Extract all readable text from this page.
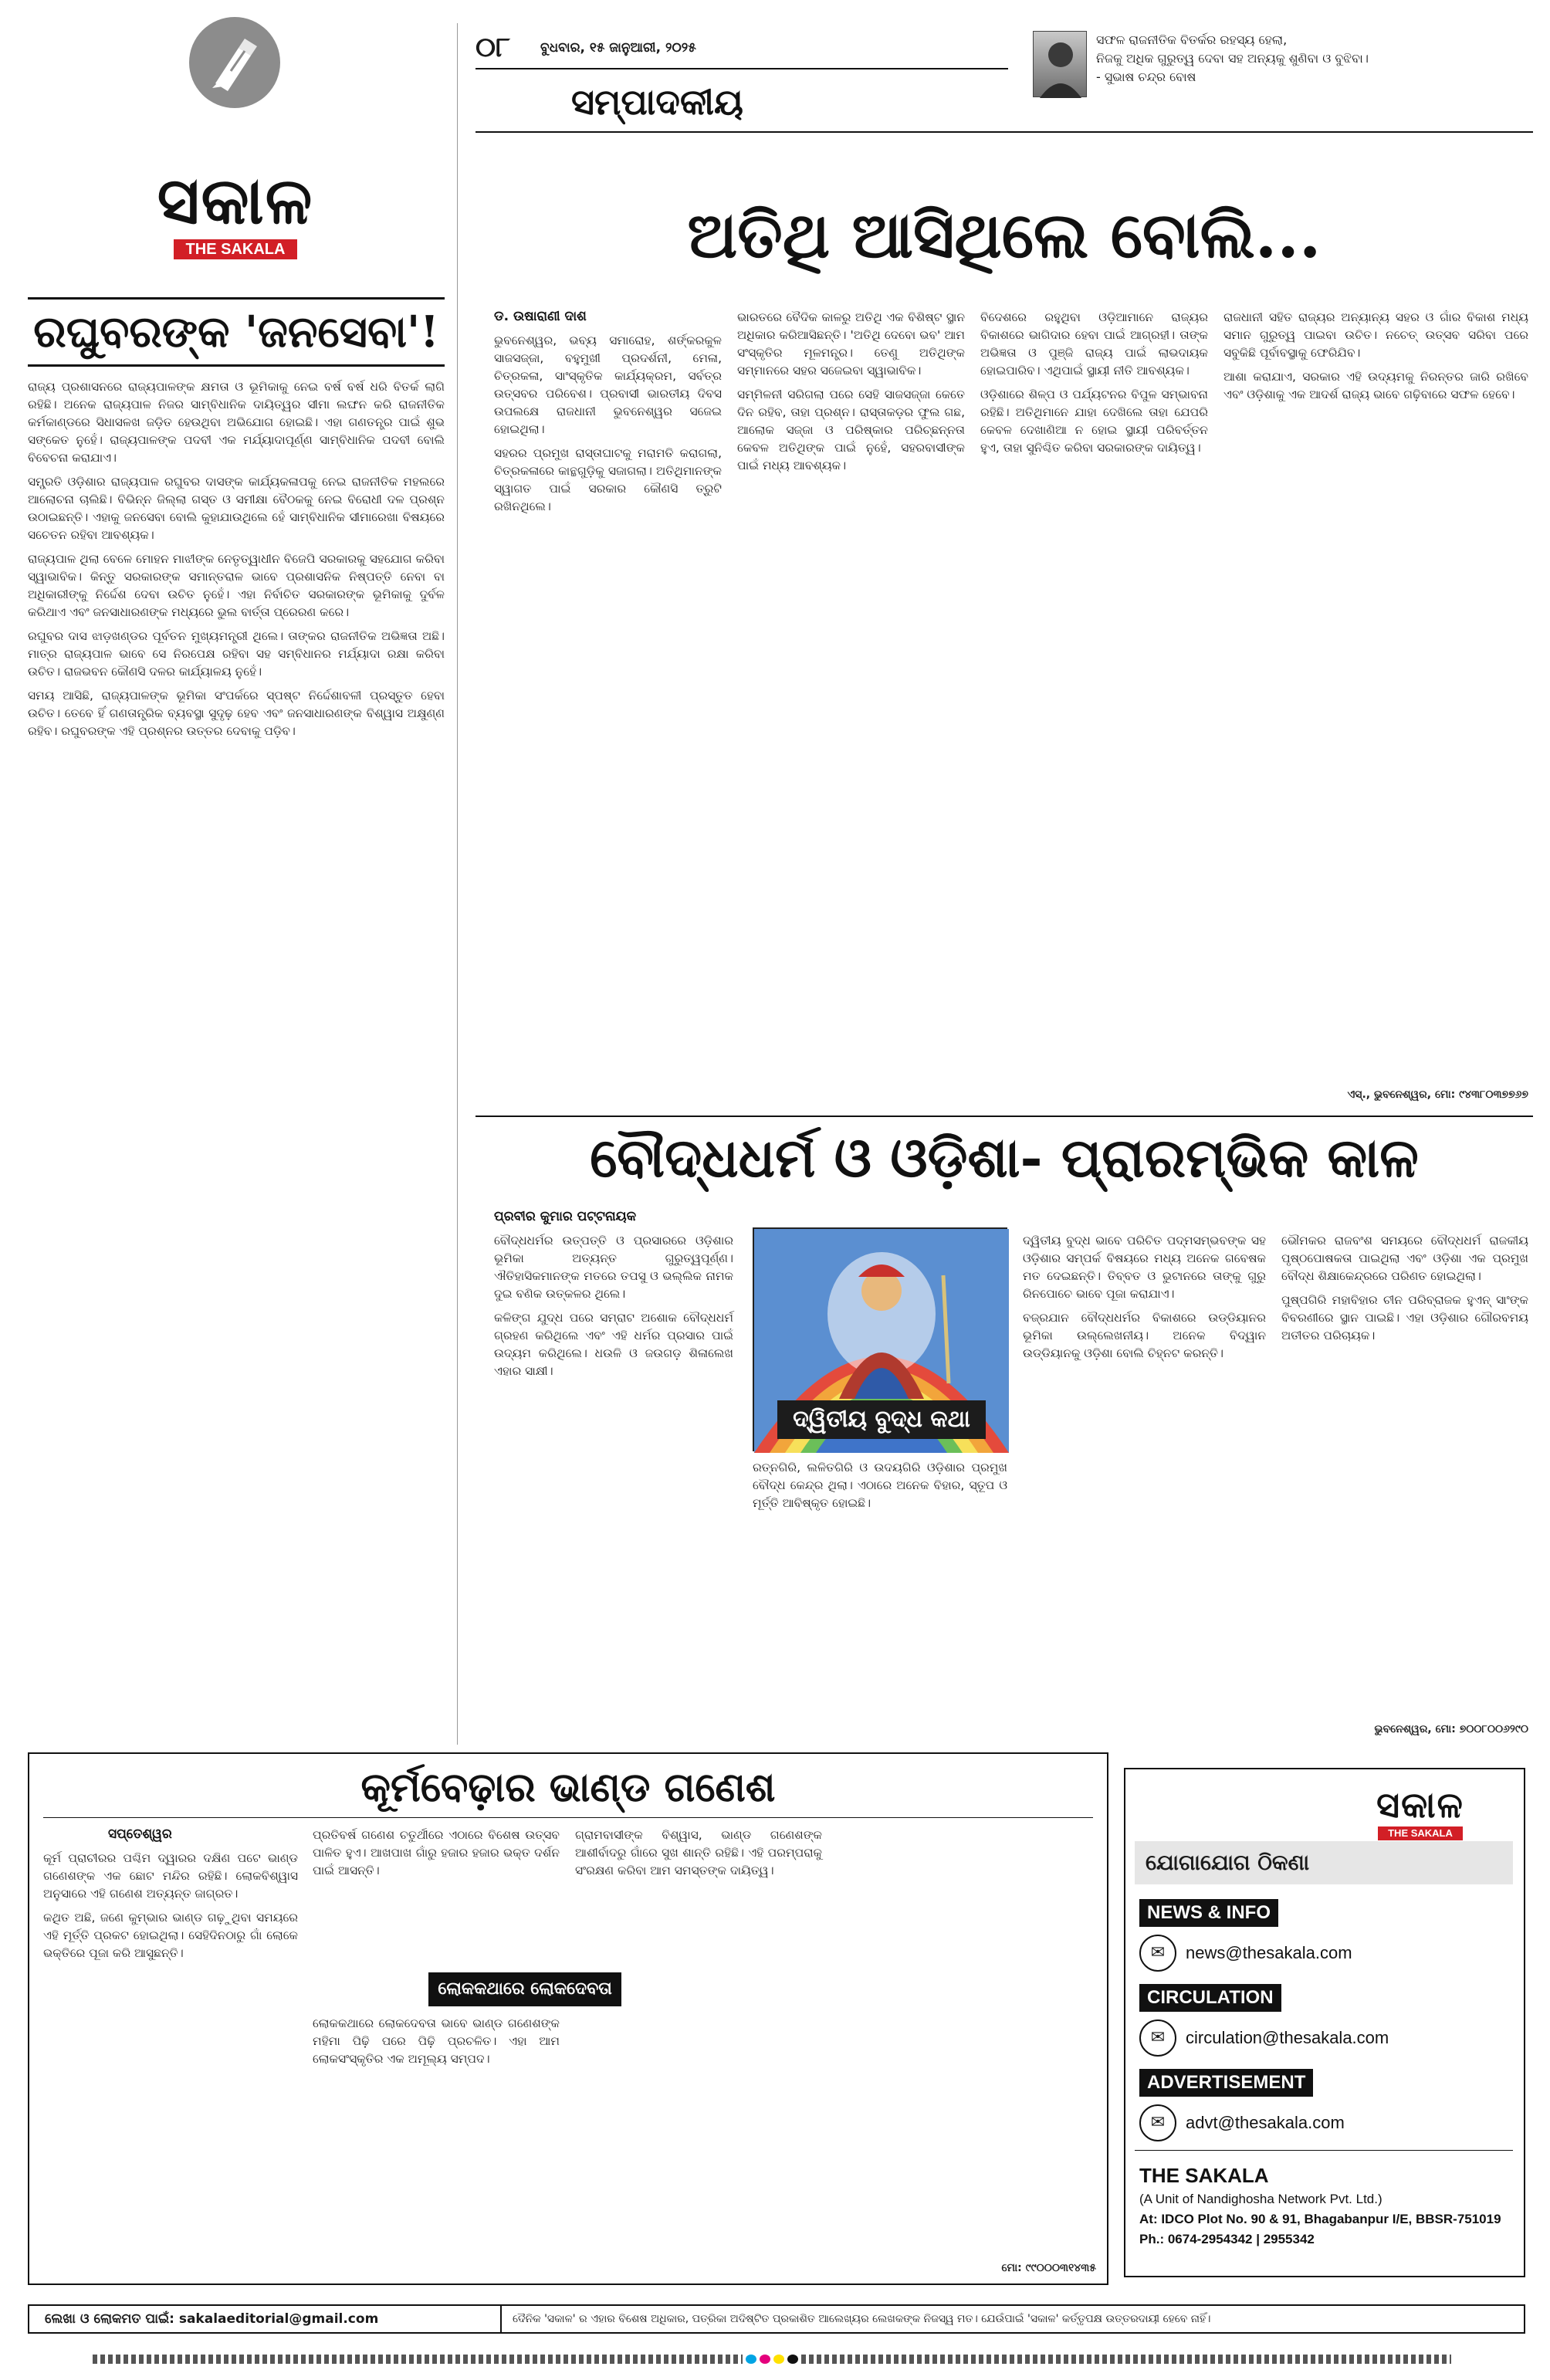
ସକାଳ
THE SAKALA
ରଘୁବରଙ୍କ 'ଜନସେବା'!

ରାଜ୍ୟ ପ୍ରଶାସନରେ ରାଜ୍ୟପାଳଙ୍କ କ୍ଷମତା ଓ ଭୂମିକାକୁ ନେଇ ବର୍ଷ ବର୍ଷ ଧରି ବିତର୍କ ଲାଗି ରହିଛି। ଅନେକ ରାଜ୍ୟପାଳ ନିଜର ସାମ୍ବିଧାନିକ ଦାୟିତ୍ୱର ସୀମା ଲଙ୍ଘନ କରି ରାଜନୀତିକ କର୍ମକାଣ୍ଡରେ ସିଧାସଳଖ ଜଡ଼ିତ ହେଉଥିବା ଅଭିଯୋଗ ହୋଇଛି। ଏହା ଗଣତନ୍ତ୍ର ପାଇଁ ଶୁଭ ସଙ୍କେତ ନୁହେଁ। ରାଜ୍ୟପାଳଙ୍କ ପଦବୀ ଏକ ମର୍ଯ୍ୟାଦାପୂର୍ଣ୍ଣ ସାମ୍ବିଧାନିକ ପଦବୀ ବୋଲି ବିବେଚନା କରାଯାଏ।

ସମ୍ପ୍ରତି ଓଡ଼ିଶାର ରାଜ୍ୟପାଳ ରଘୁବର ଦାସଙ୍କ କାର୍ଯ୍ୟକଳାପକୁ ନେଇ ରାଜନୀତିକ ମହଲରେ ଆଲୋଚନା ଚାଲିଛି। ବିଭିନ୍ନ ଜିଲ୍ଲା ଗସ୍ତ ଓ ସମୀକ୍ଷା ବୈଠକକୁ ନେଇ ବିରୋଧୀ ଦଳ ପ୍ରଶ୍ନ ଉଠାଇଛନ୍ତି। ଏହାକୁ ଜନସେବା ବୋଲି କୁହାଯାଉଥିଲେ ହେଁ ସାମ୍ବିଧାନିକ ସୀମାରେଖା ବିଷୟରେ ସଚେତନ ରହିବା ଆବଶ୍ୟକ।

ରାଜ୍ୟପାଳ ଥିଲା ବେଳେ ମୋହନ ମାଝୀଙ୍କ ନେତୃତ୍ୱାଧୀନ ବିଜେପି ସରକାରକୁ ସହଯୋଗ କରିବା ସ୍ୱାଭାବିକ। କିନ୍ତୁ ସରକାରଙ୍କ ସମାନ୍ତରାଳ ଭାବେ ପ୍ରଶାସନିକ ନିଷ୍ପତ୍ତି ନେବା ବା ଅଧିକାରୀଙ୍କୁ ନିର୍ଦ୍ଦେଶ ଦେବା ଉଚିତ ନୁହେଁ। ଏହା ନିର୍ବାଚିତ ସରକାରଙ୍କ ଭୂମିକାକୁ ଦୁର୍ବଳ କରିଥାଏ ଏବଂ ଜନସାଧାରଣଙ୍କ ମଧ୍ୟରେ ଭୁଲ ବାର୍ତ୍ତା ପ୍ରେରଣ କରେ।

ରଘୁବର ଦାସ ଝାଡ଼ଖଣ୍ଡର ପୂର୍ବତନ ମୁଖ୍ୟମନ୍ତ୍ରୀ ଥିଲେ। ତାଙ୍କର ରାଜନୀତିକ ଅଭିଜ୍ଞତା ଅଛି। ମାତ୍ର ରାଜ୍ୟପାଳ ଭାବେ ସେ ନିରପେକ୍ଷ ରହିବା ସହ ସମ୍ବିଧାନର ମର୍ଯ୍ୟାଦା ରକ୍ଷା କରିବା ଉଚିତ। ରାଜଭବନ କୌଣସି ଦଳର କାର୍ଯ୍ୟାଳୟ ନୁହେଁ।

ସମୟ ଆସିଛି, ରାଜ୍ୟପାଳଙ୍କ ଭୂମିକା ସଂପର୍କରେ ସ୍ପଷ୍ଟ ନିର୍ଦ୍ଦେଶାବଳୀ ପ୍ରସ୍ତୁତ ହେବା ଉଚିତ। ତେବେ ହିଁ ଗଣତାନ୍ତ୍ରିକ ବ୍ୟବସ୍ଥା ସୁଦୃଢ଼ ହେବ ଏବଂ ଜନସାଧାରଣଙ୍କ ବିଶ୍ୱାସ ଅକ୍ଷୁଣ୍ଣ ରହିବ। ରଘୁବରଙ୍କ ଏହି ପ୍ରଶ୍ନର ଉତ୍ତର ଦେବାକୁ ପଡ଼ିବ।

୦୮ ବୁଧବାର, ୧୫ ଜାନୁଆରୀ, ୨୦୨୫
ସମ୍ପାଦକୀୟ
ସଫଳ ରାଜନୀତିକ ବିତର୍କର ରହସ୍ୟ ହେଲା,
ନିଜକୁ ଅଧିକ ଗୁରୁତ୍ୱ ଦେବା ସହ ଅନ୍ୟକୁ ଶୁଣିବା ଓ ବୁଝିବା।
- ସୁଭାଷ ଚନ୍ଦ୍ର ବୋଷ
ଅତିଥି ଆସିଥିଲେ ବୋଲି...
ଡ. ଉଷାରାଣୀ ଦାଶ

ଭୁବନେଶ୍ୱର, ଭବ୍ୟ ସମାରୋହ, ଶର୍ଙ୍କରକୁଳ ସାଜସଜ୍ଜା, ବହୁମୁଖୀ ପ୍ରଦର୍ଶନୀ, ମେଳା, ଚିତ୍ରକଳା, ସାଂସ୍କୃତିକ କାର୍ଯ୍ୟକ୍ରମ, ସର୍ବତ୍ର ଉତ୍ସବର ପରିବେଶ। ପ୍ରବାସୀ ଭାରତୀୟ ଦିବସ ଉପଲକ୍ଷେ ରାଜଧାନୀ ଭୁବନେଶ୍ୱର ସଜେଇ ହୋଇଥିଲା।

ସହରର ପ୍ରମୁଖ ରାସ୍ତାଘାଟକୁ ମରାମତି କରାଗଲା, ଚିତ୍ରକଳାରେ କାନ୍ଥଗୁଡ଼ିକୁ ସଜାଗଲା। ଅତିଥିମାନଙ୍କ ସ୍ୱାଗତ ପାଇଁ ସରକାର କୌଣସି ତ୍ରୁଟି ରଖିନଥିଲେ।

ଭାରତରେ ବୈଦିକ କାଳରୁ ଅତିଥି ଏକ ବିଶିଷ୍ଟ ସ୍ଥାନ ଅଧିକାର କରିଆସିଛନ୍ତି। 'ଅତିଥି ଦେବୋ ଭବ' ଆମ ସଂସ୍କୃତିର ମୂଳମନ୍ତ୍ର। ତେଣୁ ଅତିଥିଙ୍କ ସମ୍ମାନରେ ସହର ସଜେଇବା ସ୍ୱାଭାବିକ।

ସମ୍ମିଳନୀ ସରିଗଲା ପରେ ସେହି ସାଜସଜ୍ଜା କେତେ ଦିନ ରହିବ, ତାହା ପ୍ରଶ୍ନ। ରାସ୍ତାକଡ଼ର ଫୁଲ ଗଛ, ଆଲୋକ ସଜ୍ଜା ଓ ପରିଷ୍କାର ପରିଚ୍ଛନ୍ନତା କେବଳ ଅତିଥିଙ୍କ ପାଇଁ ନୁହେଁ, ସହରବାସୀଙ୍କ ପାଇଁ ମଧ୍ୟ ଆବଶ୍ୟକ।

ବିଦେଶରେ ରହୁଥିବା ଓଡ଼ିଆମାନେ ରାଜ୍ୟର ବିକାଶରେ ଭାଗିଦାର ହେବା ପାଇଁ ଆଗ୍ରହୀ। ତାଙ୍କ ଅଭିଜ୍ଞତା ଓ ପୁଞ୍ଜି ରାଜ୍ୟ ପାଇଁ ଲାଭଦାୟକ ହୋଇପାରିବ। ଏଥିପାଇଁ ସ୍ଥାୟୀ ନୀତି ଆବଶ୍ୟକ।

ଓଡ଼ିଶାରେ ଶିଳ୍ପ ଓ ପର୍ଯ୍ୟଟନର ବିପୁଳ ସମ୍ଭାବନା ରହିଛି। ଅତିଥିମାନେ ଯାହା ଦେଖିଲେ ତାହା ଯେପରି କେବଳ ଦେଖାଣିଆ ନ ହୋଇ ସ୍ଥାୟୀ ପରିବର୍ତ୍ତନ ହୁଏ, ତାହା ସୁନିଶ୍ଚିତ କରିବା ସରକାରଙ୍କ ଦାୟିତ୍ୱ।

ରାଜଧାନୀ ସହିତ ରାଜ୍ୟର ଅନ୍ୟାନ୍ୟ ସହର ଓ ଗାଁର ବିକାଶ ମଧ୍ୟ ସମାନ ଗୁରୁତ୍ୱ ପାଇବା ଉଚିତ। ନଚେତ୍ ଉତ୍ସବ ସରିବା ପରେ ସବୁକିଛି ପୂର୍ବାବସ୍ଥାକୁ ଫେରିଯିବ।

ଆଶା କରାଯାଏ, ସରକାର ଏହି ଉଦ୍ୟମକୁ ନିରନ୍ତର ଜାରି ରଖିବେ ଏବଂ ଓଡ଼ିଶାକୁ ଏକ ଆଦର୍ଶ ରାଜ୍ୟ ଭାବେ ଗଢ଼ିବାରେ ସଫଳ ହେବେ।

ଏସ୍., ଭୁବନେଶ୍ୱର, ମୋ: ୯୪୩୮୦୩୭୭୬୭
ବୌଦ୍ଧଧର୍ମ ଓ ଓଡ଼ିଶା- ପ୍ରାରମ୍ଭିକ କାଳ
ପ୍ରବୀର କୁମାର ପଟ୍ଟନାୟକ

ବୌଦ୍ଧଧର୍ମର ଉତ୍ପତ୍ତି ଓ ପ୍ରସାରରେ ଓଡ଼ିଶାର ଭୂମିକା ଅତ୍ୟନ୍ତ ଗୁରୁତ୍ୱପୂର୍ଣ୍ଣ। ଐତିହାସିକମାନଙ୍କ ମତରେ ତପସୁ ଓ ଭଲ୍ଲିକ ନାମକ ଦୁଇ ବଣିକ ଉତ୍କଳର ଥିଲେ।

କଳିଙ୍ଗ ଯୁଦ୍ଧ ପରେ ସମ୍ରାଟ ଅଶୋକ ବୌଦ୍ଧଧର୍ମ ଗ୍ରହଣ କରିଥିଲେ ଏବଂ ଏହି ଧର୍ମର ପ୍ରସାର ପାଇଁ ଉଦ୍ୟମ କରିଥିଲେ। ଧଉଳି ଓ ଜଉଗଡ଼ ଶିଳାଲେଖ ଏହାର ସାକ୍ଷୀ।

ଦ୍ୱିତୀୟ ବୁଦ୍ଧ କଥା

ରତ୍ନଗିରି, ଲଳିତଗିରି ଓ ଉଦୟଗିରି ଓଡ଼ିଶାର ପ୍ରମୁଖ ବୌଦ୍ଧ କେନ୍ଦ୍ର ଥିଲା। ଏଠାରେ ଅନେକ ବିହାର, ସ୍ତୂପ ଓ ମୂର୍ତ୍ତି ଆବିଷ୍କୃତ ହୋଇଛି।

ଦ୍ୱିତୀୟ ବୁଦ୍ଧ ଭାବେ ପରିଚିତ ପଦ୍ମସମ୍ଭବଙ୍କ ସହ ଓଡ଼ିଶାର ସମ୍ପର୍କ ବିଷୟରେ ମଧ୍ୟ ଅନେକ ଗବେଷକ ମତ ଦେଇଛନ୍ତି। ତିବ୍ବତ ଓ ଭୁଟାନରେ ତାଙ୍କୁ ଗୁରୁ ରିନପୋଚେ ଭାବେ ପୂଜା କରାଯାଏ।

ବଜ୍ରଯାନ ବୌଦ୍ଧଧର୍ମର ବିକାଶରେ ଉଡ୍ଡିୟାନର ଭୂମିକା ଉଲ୍ଲେଖନୀୟ। ଅନେକ ବିଦ୍ୱାନ ଉଡ୍ଡିୟାନକୁ ଓଡ଼ିଶା ବୋଲି ଚିହ୍ନଟ କରନ୍ତି।

ଭୌମକର ରାଜବଂଶ ସମୟରେ ବୌଦ୍ଧଧର୍ମ ରାଜକୀୟ ପୃଷ୍ଠପୋଷକତା ପାଇଥିଲା ଏବଂ ଓଡ଼ିଶା ଏକ ପ୍ରମୁଖ ବୌଦ୍ଧ ଶିକ୍ଷାକେନ୍ଦ୍ରରେ ପରିଣତ ହୋଇଥିଲା।

ପୁଷ୍ପଗିରି ମହାବିହାର ଚୀନ ପରିବ୍ରାଜକ ହୁଏନ୍ ସାଂଙ୍କ ବିବରଣୀରେ ସ୍ଥାନ ପାଇଛି। ଏହା ଓଡ଼ିଶାର ଗୌରବମୟ ଅତୀତର ପରିଚାୟକ।

ଭୁବନେଶ୍ୱର, ମୋ: ୭୦୦୮୦୦୬୨୯୦
କୂର୍ମବେଢ଼ାର ଭାଣ୍ଡ ଗଣେଶ
ସପ୍ତେଶ୍ୱର

କୂର୍ମ ପ୍ରାଚୀରର ପଶ୍ଚିମ ଦ୍ୱାରର ଦକ୍ଷିଣ ପଟେ ଭାଣ୍ଡ ଗଣେଶଙ୍କ ଏକ ଛୋଟ ମନ୍ଦିର ରହିଛି। ଲୋକବିଶ୍ୱାସ ଅନୁସାରେ ଏହି ଗଣେଶ ଅତ୍ୟନ୍ତ ଜାଗ୍ରତ।

କଥିତ ଅଛି, ଜଣେ କୁମ୍ଭାର ଭାଣ୍ଡ ଗଢ଼ୁଥିବା ସମୟରେ ଏହି ମୂର୍ତ୍ତି ପ୍ରକଟ ହୋଇଥିଲା। ସେହିଦିନଠାରୁ ଗାଁ ଲୋକେ ଭକ୍ତିରେ ପୂଜା କରି ଆସୁଛନ୍ତି।

ପ୍ରତିବର୍ଷ ଗଣେଶ ଚତୁର୍ଥୀରେ ଏଠାରେ ବିଶେଷ ଉତ୍ସବ ପାଳିତ ହୁଏ। ଆଖପାଖ ଗାଁରୁ ହଜାର ହଜାର ଭକ୍ତ ଦର୍ଶନ ପାଇଁ ଆସନ୍ତି।

ଲୋକକଥାରେ ଲୋକଦେବତା

ଲୋକକଥାରେ ଲୋକଦେବତା ଭାବେ ଭାଣ୍ଡ ଗଣେଶଙ୍କ ମହିମା ପିଢ଼ି ପରେ ପିଢ଼ି ପ୍ରଚଳିତ। ଏହା ଆମ ଲୋକସଂସ୍କୃତିର ଏକ ଅମୂଲ୍ୟ ସମ୍ପଦ।

ଗ୍ରାମବାସୀଙ୍କ ବିଶ୍ୱାସ, ଭାଣ୍ଡ ଗଣେଶଙ୍କ ଆଶୀର୍ବାଦରୁ ଗାଁରେ ସୁଖ ଶାନ୍ତି ରହିଛି। ଏହି ପରମ୍ପରାକୁ ସଂରକ୍ଷଣ କରିବା ଆମ ସମସ୍ତଙ୍କ ଦାୟିତ୍ୱ।

ମୋ: ୯୯୦୦୦୩୧୪୩୫
ସକାଳ
THE SAKALA
ଯୋଗାଯୋଗ ଠିକଣା
NEWS & INFO
✉	news@thesakala.com
CIRCULATION
✉	circulation@thesakala.com
ADVERTISEMENT
✉	advt@thesakala.com
THE SAKALA
(A Unit of Nandighosha Network Pvt. Ltd.)
At: IDCO Plot No. 90 & 91, Bhagabanpur I/E, BBSR-751019
Ph.: 0674-2954342 | 2955342
ଲେଖା ଓ ଲୋକମତ ପାଇଁ: sakalaeditorial@gmail.com	ଦୈନିକ 'ସକାଳ' ର ଏହାର ବିଶେଷ ଅଧିକାର, ପତ୍ରିକା ଅଦିଷ୍ଟିତ ପ୍ରକାଶିତ ଆଲେଖ୍ୟର ଲେଖକଙ୍କ ନିଜସ୍ୱ ମତ। ଯେଉଁପାଇଁ 'ସକାଳ' କର୍ତ୍ତୃପକ୍ଷ ଉତ୍ତରଦାୟୀ ହେବେ ନାହିଁ।
